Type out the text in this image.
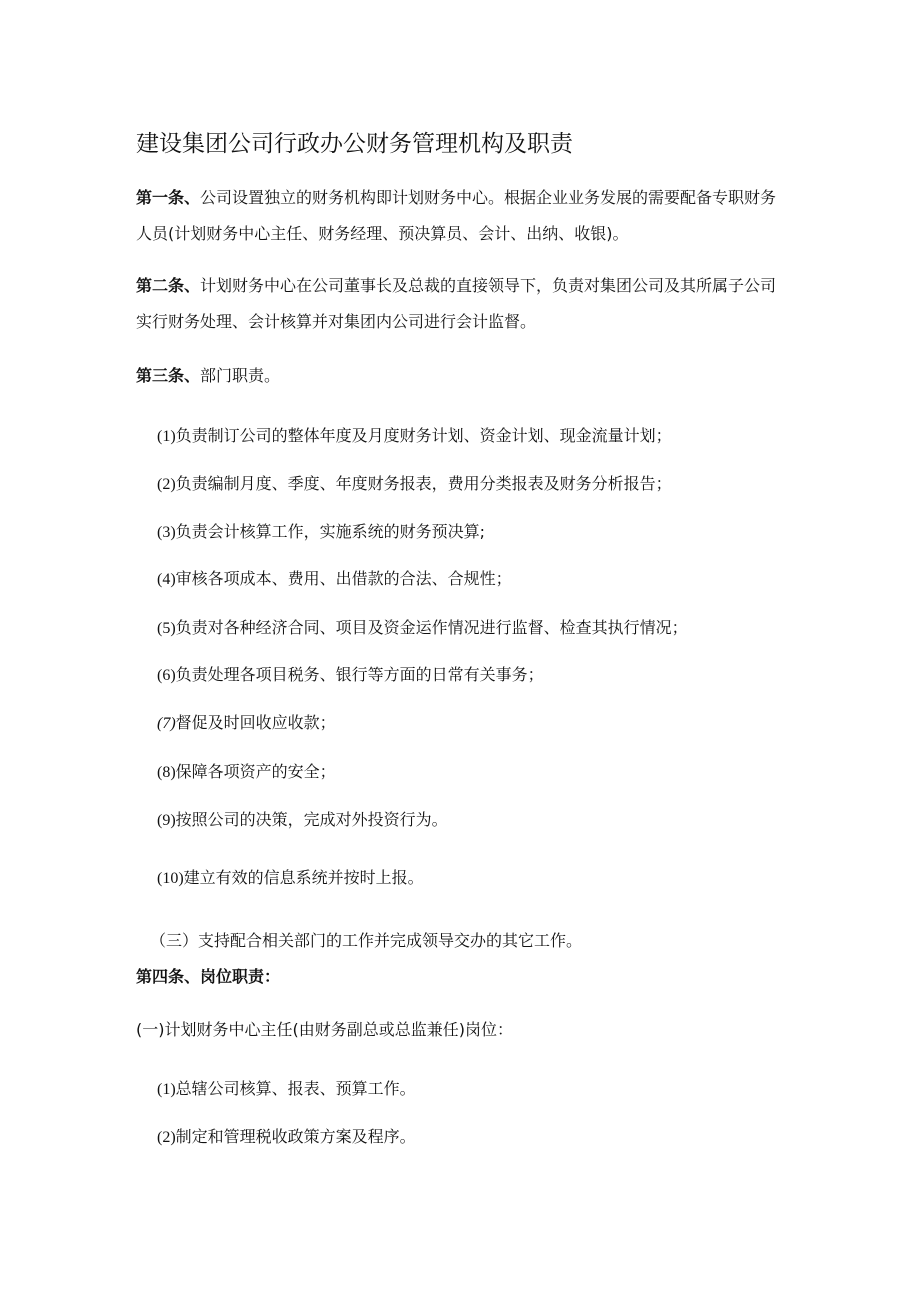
建设集团公司行政办公财务管理机构及职责
第一条、公司设置独立的财务机构即计划财务中心。根据企业业务发展的需要配备专职财务人员(计划财务中心主任、财务经理、预决算员、会计、出纳、收银)。
第二条、计划财务中心在公司董事长及总裁的直接领导下，负责对集团公司及其所属子公司实行财务处理、会计核算并对集团内公司进行会计监督。
第三条、部门职责。
(1)负责制订公司的整体年度及月度财务计划、资金计划、现金流量计划；
(2)负责编制月度、季度、年度财务报表，费用分类报表及财务分析报告；
(3)负责会计核算工作，实施系统的财务预决算;
(4)审核各项成本、费用、出借款的合法、合规性；
(5)负责对各种经济合同、项目及资金运作情况进行监督、检查其执行情况；
(6)负责处理各项目税务、银行等方面的日常有关事务；
(7)督促及时回收应收款；
(8)保障各项资产的安全；
(9)按照公司的决策，完成对外投资行为。
(10)建立有效的信息系统并按时上报。
（三）支持配合相关部门的工作并完成领导交办的其它工作。
第四条、岗位职责：
(一)计划财务中心主任(由财务副总或总监兼任)岗位：
(1)总辖公司核算、报表、预算工作。
(2)制定和管理税收政策方案及程序。
